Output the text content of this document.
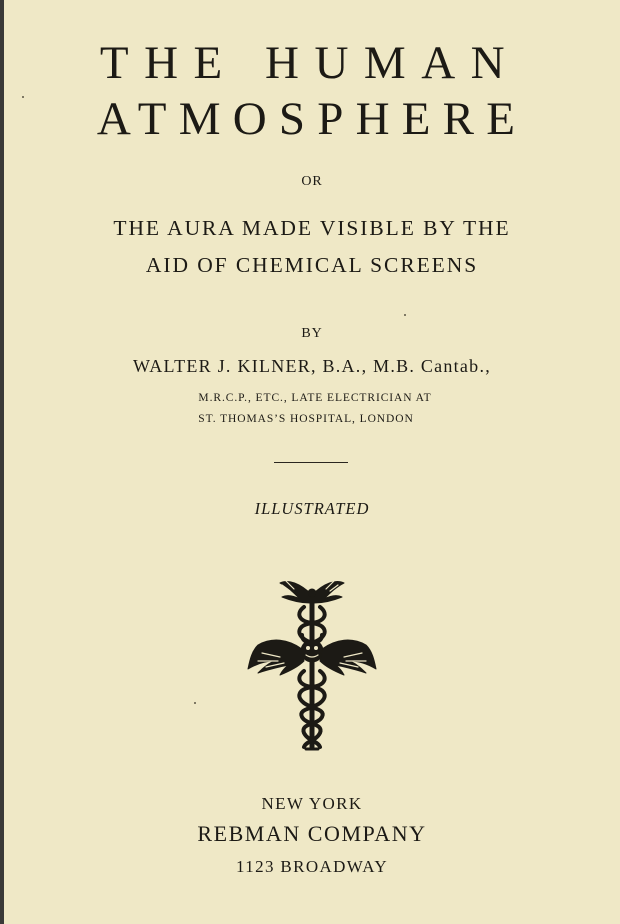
THE HUMAN
ATMOSPHERE
OR
THE AURA MADE VISIBLE BY THE
AID OF CHEMICAL SCREENS
BY
WALTER J. KILNER, B.A., M.B. Cantab.,
M.R.C.P., ETC., LATE ELECTRICIAN AT
ST. THOMAS’S HOSPITAL, LONDON
ILLUSTRATED
NEW YORK
REBMAN COMPANY
1123 BROADWAY
